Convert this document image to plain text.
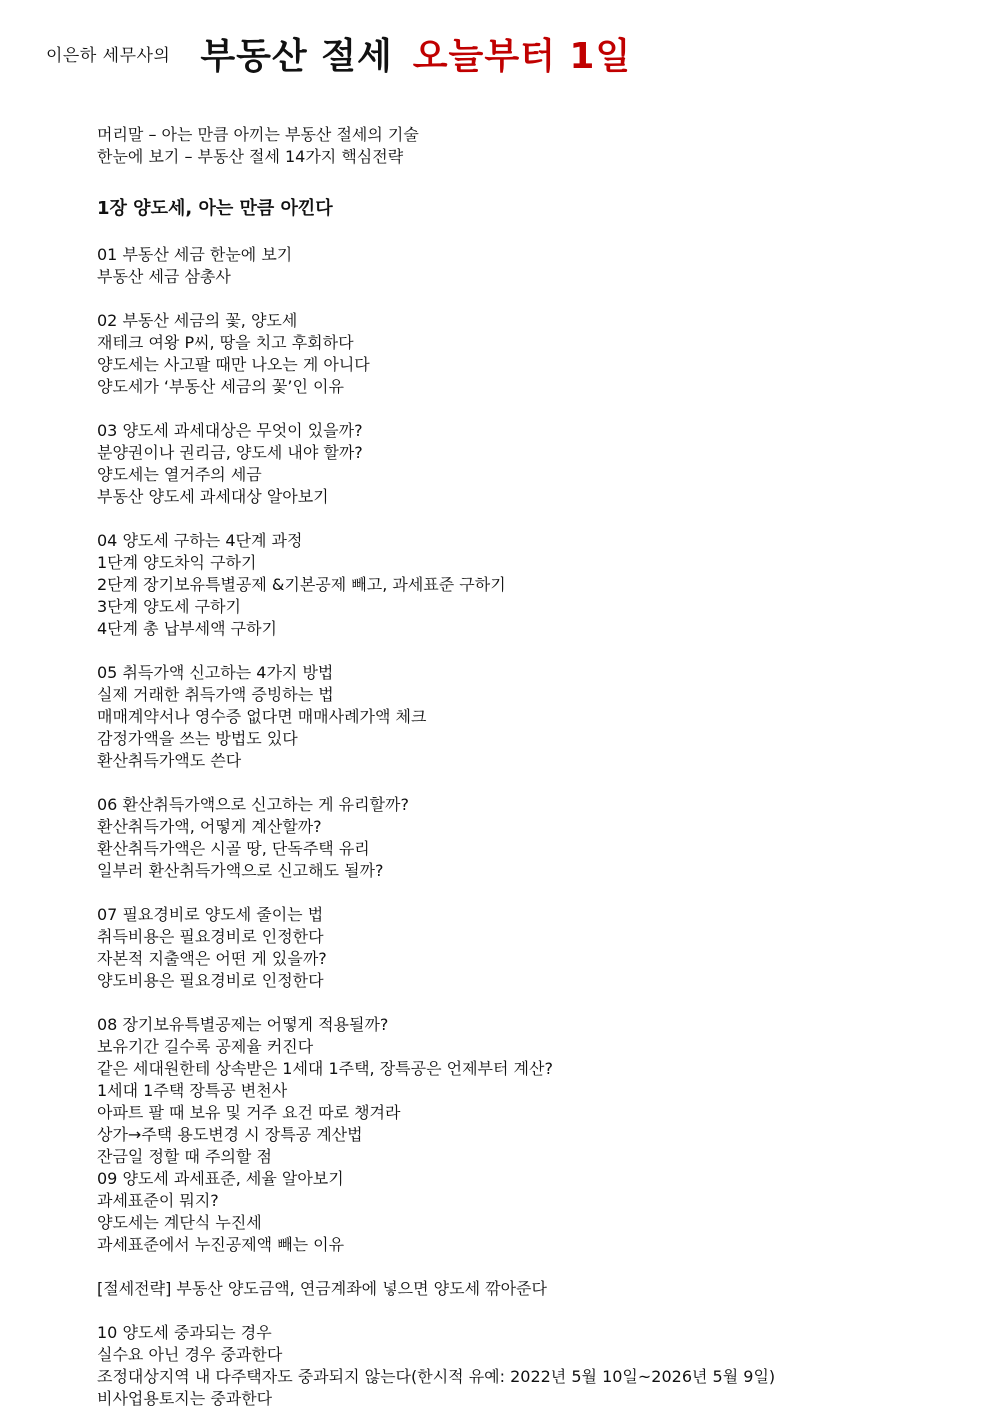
이은하 세무사의 부동산 절세 오늘부터 1일
머리말 – 아는 만큼 아끼는 부동산 절세의 기술
한눈에 보기 – 부동산 절세 14가지 핵심전략
1장 양도세, 아는 만큼 아낀다
01 부동산 세금 한눈에 보기
부동산 세금 삼총사
02 부동산 세금의 꽃, 양도세
재테크 여왕 P씨, 땅을 치고 후회하다
양도세는 사고팔 때만 나오는 게 아니다
양도세가 ‘부동산 세금의 꽃’인 이유
03 양도세 과세대상은 무엇이 있을까?
분양권이나 권리금, 양도세 내야 할까?
양도세는 열거주의 세금
부동산 양도세 과세대상 알아보기
04 양도세 구하는 4단계 과정
1단계 양도차익 구하기
2단계 장기보유특별공제 &기본공제 빼고, 과세표준 구하기
3단계 양도세 구하기
4단계 총 납부세액 구하기
05 취득가액 신고하는 4가지 방법
실제 거래한 취득가액 증빙하는 법
매매계약서나 영수증 없다면 매매사례가액 체크
감정가액을 쓰는 방법도 있다
환산취득가액도 쓴다
06 환산취득가액으로 신고하는 게 유리할까?
환산취득가액, 어떻게 계산할까?
환산취득가액은 시골 땅, 단독주택 유리
일부러 환산취득가액으로 신고해도 될까?
07 필요경비로 양도세 줄이는 법
취득비용은 필요경비로 인정한다
자본적 지출액은 어떤 게 있을까?
양도비용은 필요경비로 인정한다
08 장기보유특별공제는 어떻게 적용될까?
보유기간 길수록 공제율 커진다
같은 세대원한테 상속받은 1세대 1주택, 장특공은 언제부터 계산?
1세대 1주택 장특공 변천사
아파트 팔 때 보유 및 거주 요건 따로 챙겨라
상가→주택 용도변경 시 장특공 계산법
잔금일 정할 때 주의할 점
09 양도세 과세표준, 세율 알아보기
과세표준이 뭐지?
양도세는 계단식 누진세
과세표준에서 누진공제액 빼는 이유
[절세전략] 부동산 양도금액, 연금계좌에 넣으면 양도세 깎아준다
10 양도세 중과되는 경우
실수요 아닌 경우 중과한다
조정대상지역 내 다주택자도 중과되지 않는다(한시적 유예: 2022년 5월 10일~2026년 5월 9일)
비사업용토지는 중과한다
